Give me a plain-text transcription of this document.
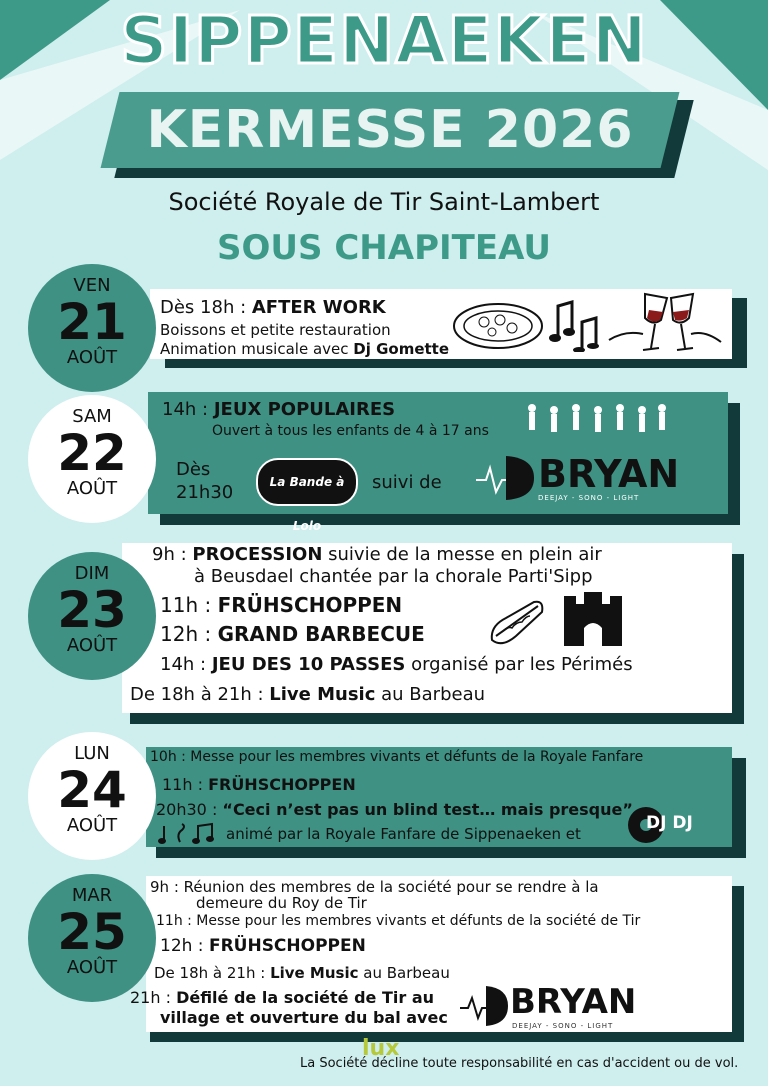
SIPPENAEKEN
KERMESSE 2026
Société Royale de Tir Saint-Lambert
SOUS CHAPITEAU
VEN
21
AOÛT
Dès 18h : AFTER WORK
Boissons et petite restauration
Animation musicale avec Dj Gomette
SAM
22
AOÛT
14h : JEUX POPULAIRES
Ouvert à tous les enfants de 4 à 17 ans
Dès
21h30	La Bande à Lolo
suivi de	BRYAN
DEEJAY - SONO - LIGHT
DIM
23
AOÛT
9h : PROCESSION suivie de la messe en plein air
à Beusdael chantée par la chorale Parti'Sipp
11h : FRÜHSCHOPPEN
12h : GRAND BARBECUE
14h : JEU DES 10 PASSES organisé par les Périmés
De 18h à 21h : Live Music au Barbeau
LUN
24
AOÛT
10h : Messe pour les membres vivants et défunts de la Royale Fanfare
11h : FRÜHSCHOPPEN
20h30 : “Ceci n’est pas un blind test… mais presque”
animé par la Royale Fanfare de Sippenaeken et
DJ DJ
MAR
25
AOÛT
9h : Réunion des membres de la société pour se rendre à la
demeure du Roy de Tir
11h : Messe pour les membres vivants et défunts de la société de Tir
12h : FRÜHSCHOPPEN
De 18h à 21h : Live Music au Barbeau
21h : Défilé de la société de Tir au
village et ouverture du bal avec BRYAN
DEEJAY - SONO - LIGHT
La Société décline toute responsabilité en cas d'accident ou de vol.
lux
